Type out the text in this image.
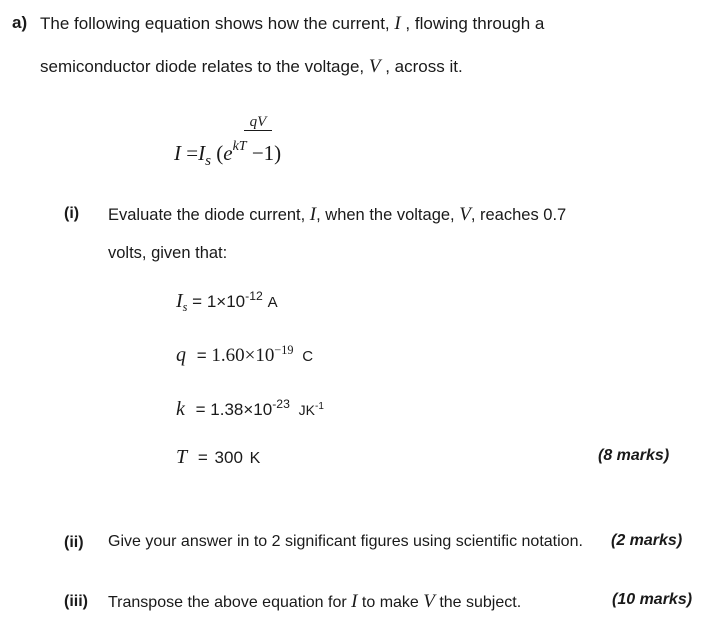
a) The following equation shows how the current, I , flowing through a
semiconductor diode relates to the voltage, V , across it.
qV
$I =I_s$ $(e^{kT} -1)$
(i) Evaluate the diode current, I, when the voltage, V, reaches 0.7
volts, given that:
$I_s = 1\times 10^{-12}$ A
$q = 1.60\times 10^{-19}$ C
$k = 1.38\times 10^{-23}$ $JK^{-1}$
T = 300 K	(8 marks)
(ii) Give your answer in to 2 significant figures using scientific notation. (2 marks)
(iii) Transpose the above equation for I to make V the subject.	(10 marks)
